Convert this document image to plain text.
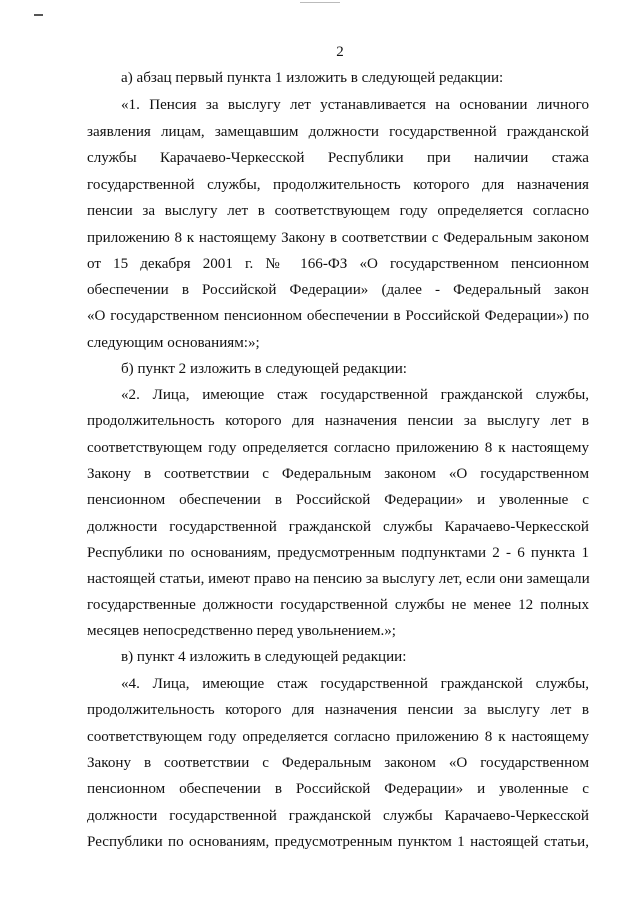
2
а) абзац первый пункта 1 изложить в следующей редакции:
«1. Пенсия за выслугу лет устанавливается на основании личного
заявления лицам, замещавшим должности государственной гражданской
службы Карачаево-Черкесской Республики при наличии стажа
государственной службы, продолжительность которого для назначения
пенсии за выслугу лет в соответствующем году определяется согласно
приложению 8 к настоящему Закону в соответствии с Федеральным законом
от 15 декабря 2001 г. № 166-ФЗ «О государственном пенсионном
обеспечении в Российской Федерации» (далее - Федеральный закон
«О государственном пенсионном обеспечении в Российской Федерации») по
следующим основаниям:»;
б) пункт 2 изложить в следующей редакции:
«2. Лица, имеющие стаж государственной гражданской службы,
продолжительность которого для назначения пенсии за выслугу лет в
соответствующем году определяется согласно приложению 8 к настоящему
Закону в соответствии с Федеральным законом «О государственном
пенсионном обеспечении в Российской Федерации» и уволенные с
должности государственной гражданской службы Карачаево-Черкесской
Республики по основаниям, предусмотренным подпунктами 2 - 6 пункта 1
настоящей статьи, имеют право на пенсию за выслугу лет, если они замещали
государственные должности государственной службы не менее 12 полных
месяцев непосредственно перед увольнением.»;
в) пункт 4 изложить в следующей редакции:
«4. Лица, имеющие стаж государственной гражданской службы,
продолжительность которого для назначения пенсии за выслугу лет в
соответствующем году определяется согласно приложению 8 к настоящему
Закону в соответствии с Федеральным законом «О государственном
пенсионном обеспечении в Российской Федерации» и уволенные с
должности государственной гражданской службы Карачаево-Черкесской
Республики по основаниям, предусмотренным пунктом 1 настоящей статьи,
